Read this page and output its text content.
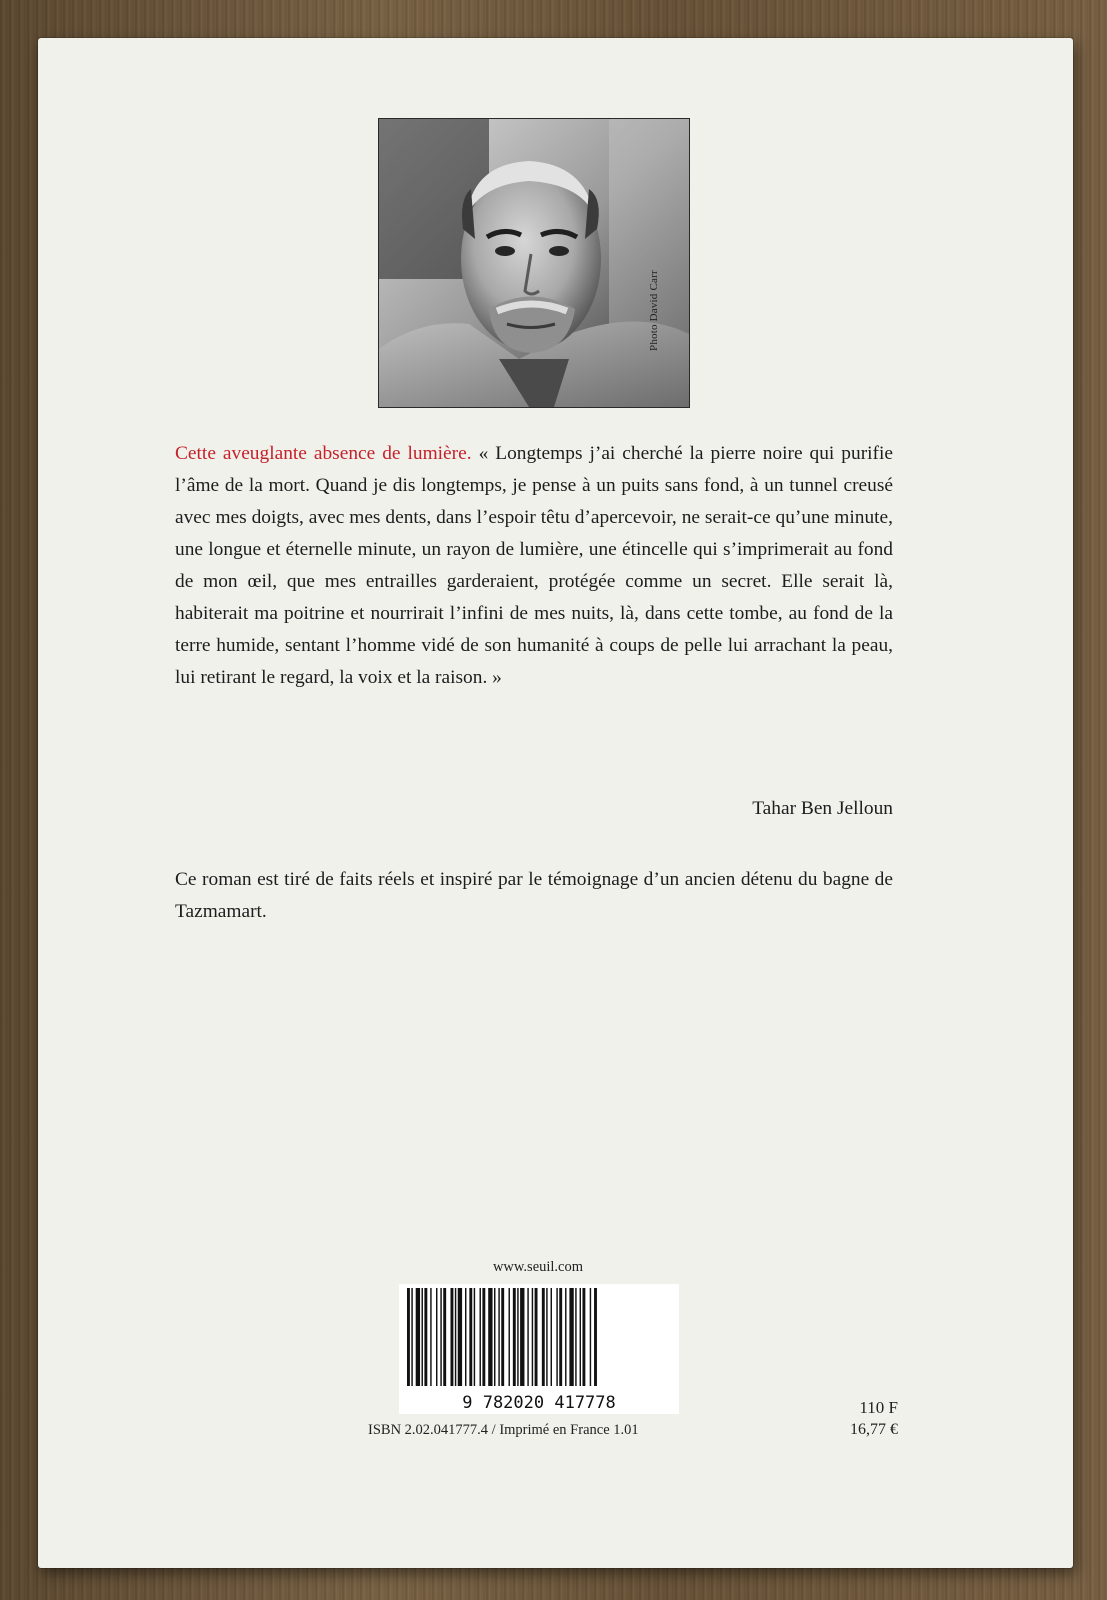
Photo David Carr

Cette aveuglante absence de lumière. « Longtemps j’ai cherché la pierre noire qui purifie l’âme de la mort. Quand je dis longtemps, je pense à un puits sans fond, à un tunnel creusé avec mes doigts, avec mes dents, dans l’espoir têtu d’apercevoir, ne serait-ce qu’une minute, une longue et éternelle minute, un rayon de lumière, une étincelle qui s’imprimerait au fond de mon œil, que mes entrailles garderaient, protégée comme un secret. Elle serait là, habiterait ma poitrine et nourrirait l’infini de mes nuits, là, dans cette tombe, au fond de la terre humide, sentant l’homme vidé de son humanité à coups de pelle lui arrachant la peau, lui retirant le regard, la voix et la raison. »

Tahar Ben Jelloun

Ce roman est tiré de faits réels et inspiré par le témoignage d’un ancien détenu du bagne de Tazmamart.

www.seuil.com
9 782020 417778
ISBN 2.02.041777.4 / Imprimé en France 1.01
110 F
16,77 €
